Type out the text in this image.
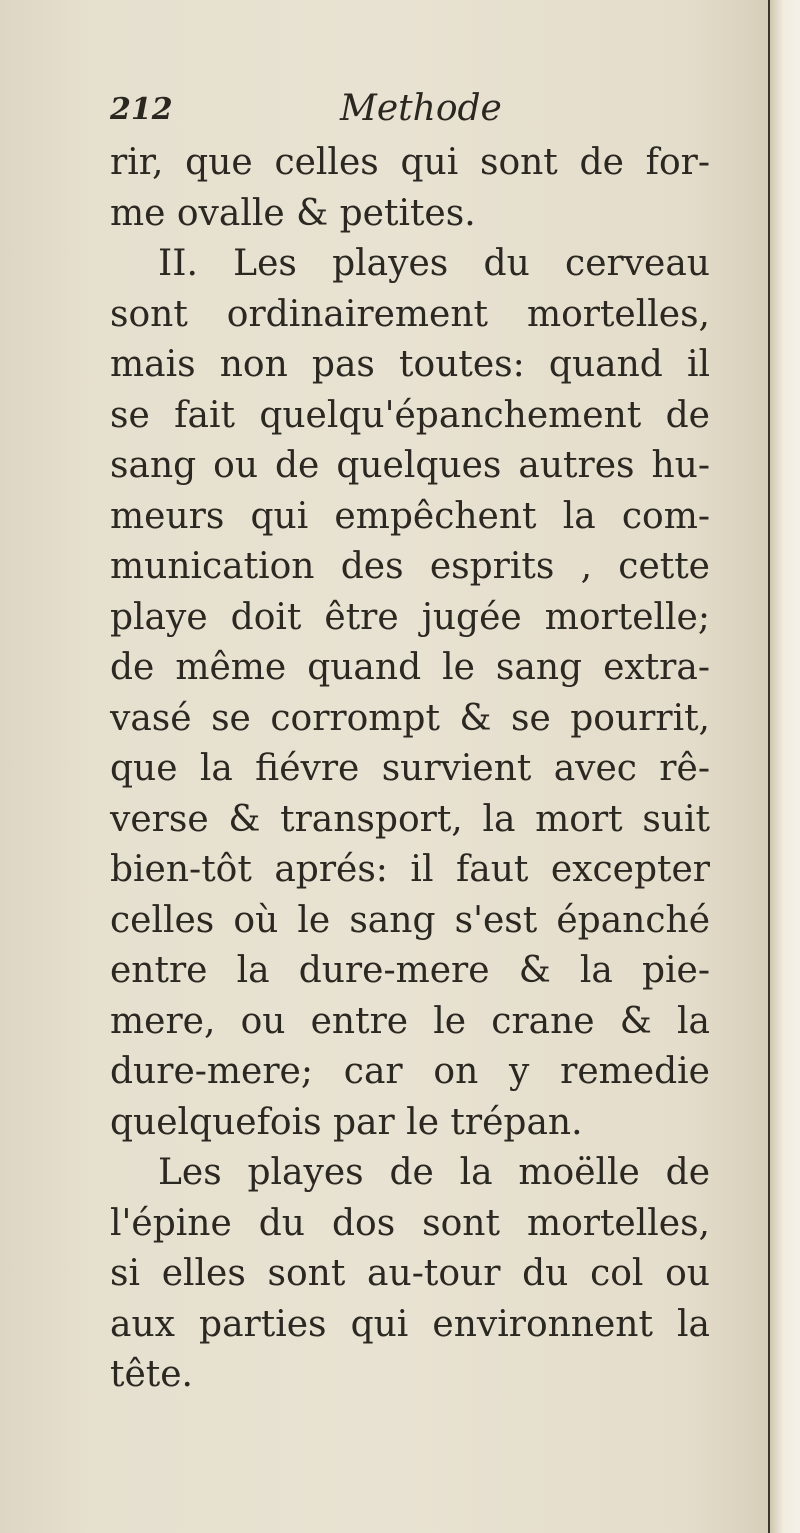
212	Methode
rir, que celles qui sont de for-
me ovalle & petites.
II. Les playes du cerveau
sont ordinairement mortelles,
mais non pas toutes: quand il
se fait quelqu'épanchement de
sang ou de quelques autres hu-
meurs qui empêchent la com-
munication des esprits , cette
playe doit être jugée mortelle;
de même quand le sang extra-
vasé se corrompt & se pourrit,
que la fiévre survient avec rê-
verse & transport, la mort suit
bien-tôt aprés: il faut excepter
celles où le sang s'est épanché
entre la dure-mere & la pie-
mere, ou entre le crane & la
dure-mere; car on y remedie
quelquefois par le trépan.
Les playes de la moëlle de
l'épine du dos sont mortelles,
si elles sont au-tour du col ou
aux parties qui environnent la
tête.
